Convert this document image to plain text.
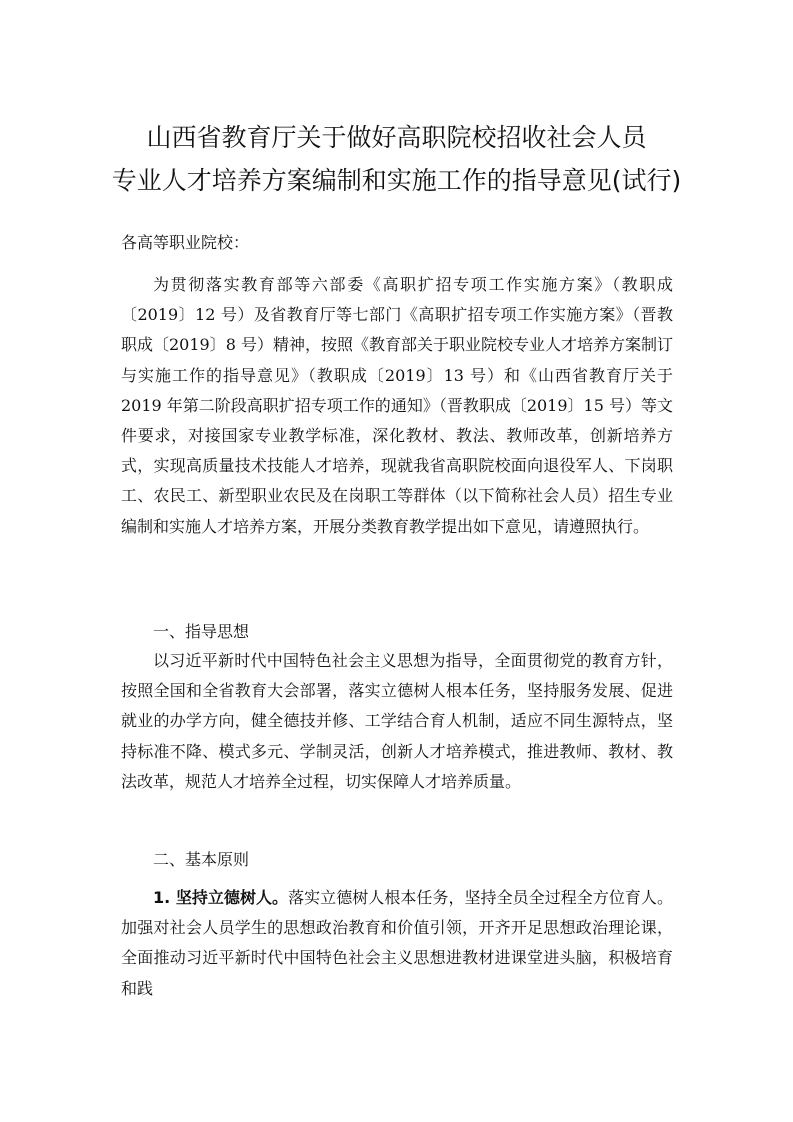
山西省教育厅关于做好高职院校招收社会人员
专业人才培养方案编制和实施工作的指导意见(试行)
各高等职业院校：
为贯彻落实教育部等六部委《高职扩招专项工作实施方案》（教职成〔2019〕12 号）及省教育厅等七部门《高职扩招专项工作实施方案》（晋教职成〔2019〕8 号）精神，按照《教育部关于职业院校专业人才培养方案制订与实施工作的指导意见》（教职成〔2019〕13 号）和《山西省教育厅关于 2019 年第二阶段高职扩招专项工作的通知》（晋教职成〔2019〕15 号）等文件要求，对接国家专业教学标准，深化教材、教法、教师改革，创新培养方式，实现高质量技术技能人才培养，现就我省高职院校面向退役军人、下岗职工、农民工、新型职业农民及在岗职工等群体（以下简称社会人员）招生专业编制和实施人才培养方案，开展分类教育教学提出如下意见，请遵照执行。
一、指导思想
以习近平新时代中国特色社会主义思想为指导，全面贯彻党的教育方针，按照全国和全省教育大会部署，落实立德树人根本任务，坚持服务发展、促进就业的办学方向，健全德技并修、工学结合育人机制，适应不同生源特点，坚持标准不降、模式多元、学制灵活，创新人才培养模式，推进教师、教材、教法改革，规范人才培养全过程，切实保障人才培养质量。
二、基本原则
1. 坚持立德树人。落实立德树人根本任务，坚持全员全过程全方位育人。加强对社会人员学生的思想政治教育和价值引领，开齐开足思想政治理论课，全面推动习近平新时代中国特色社会主义思想进教材进课堂进头脑，积极培育和践
